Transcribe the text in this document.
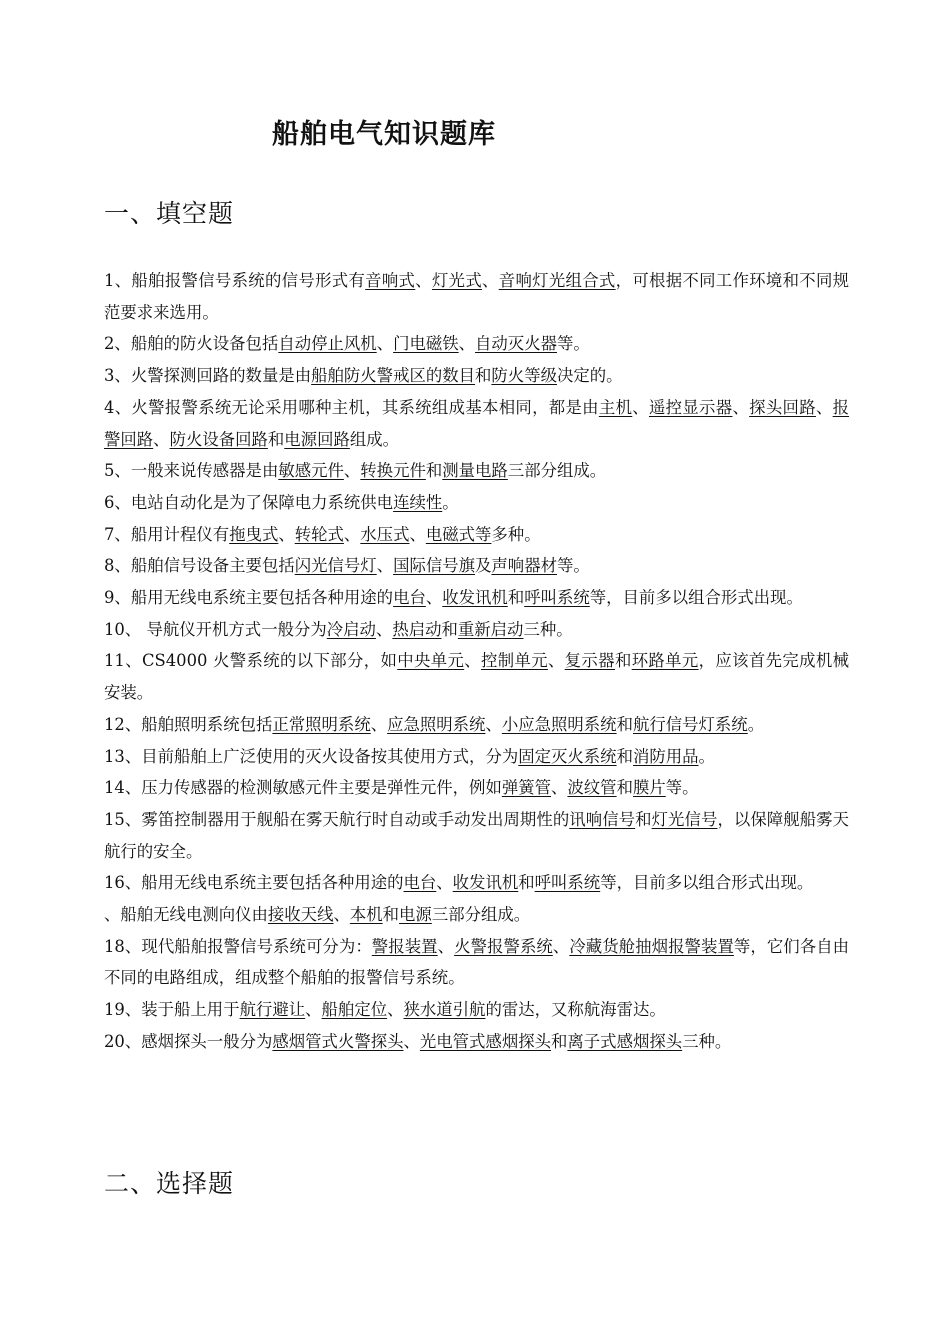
船舶电气知识题库
一、填空题

1、船舶报警信号系统的信号形式有音响式、灯光式、音响灯光组合式，可根据不同工作环境和不同规范要求来选用。

2、船舶的防火设备包括自动停止风机、门电磁铁、自动灭火器等。

3、火警探测回路的数量是由船舶防火警戒区的数目和防火等级决定的。

4、火警报警系统无论采用哪种主机，其系统组成基本相同，都是由主机、遥控显示器、探头回路、报警回路、防火设备回路和电源回路组成。

5、一般来说传感器是由敏感元件、转换元件和测量电路三部分组成。

6、电站自动化是为了保障电力系统供电连续性。

7、船用计程仪有拖曳式、转轮式、水压式、电磁式等多种。

8、船舶信号设备主要包括闪光信号灯、国际信号旗及声响器材等。

9、船用无线电系统主要包括各种用途的电台、收发讯机和呼叫系统等，目前多以组合形式出现。

10、 导航仪开机方式一般分为冷启动、热启动和重新启动三种。

11、CS4000 火警系统的以下部分，如中央单元、控制单元、复示器和环路单元，应该首先完成机械安装。

12、船舶照明系统包括正常照明系统、应急照明系统、小应急照明系统和航行信号灯系统。

13、目前船舶上广泛使用的灭火设备按其使用方式，分为固定灭火系统和消防用品。

14、压力传感器的检测敏感元件主要是弹性元件，例如弹簧管、波纹管和膜片等。

15、雾笛控制器用于舰船在雾天航行时自动或手动发出周期性的讯响信号和灯光信号，以保障舰船雾天航行的安全。

16、船用无线电系统主要包括各种用途的电台、收发讯机和呼叫系统等，目前多以组合形式出现。

、船舶无线电测向仪由接收天线、本机和电源三部分组成。

18、现代船舶报警信号系统可分为：警报装置、火警报警系统、冷藏货舱抽烟报警装置等，它们各自由不同的电路组成，组成整个船舶的报警信号系统。

19、装于船上用于航行避让、船舶定位、狭水道引航的雷达，又称航海雷达。

20、感烟探头一般分为感烟管式火警探头、光电管式感烟探头和离子式感烟探头三种。

二、选择题
